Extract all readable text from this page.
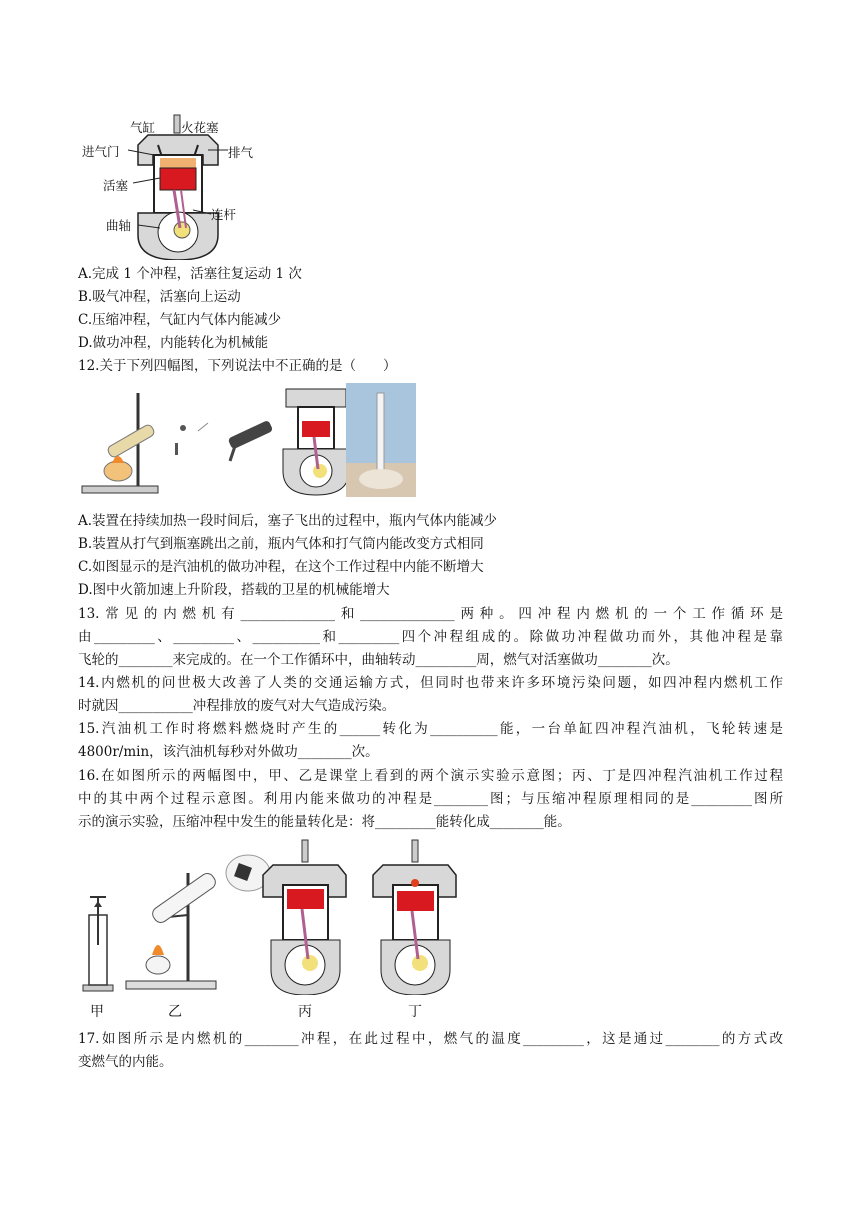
气缸 火花塞
进气门	排气
活塞
连杆
曲轴
A.完成 1 个冲程，活塞往复运动 1 次
B.吸气冲程，活塞向上运动
C.压缩冲程，气缸内气体内能减少
D.做功冲程，内能转化为机械能
12.关于下列四幅图，下列说法中不正确的是（　　）
A.装置在持续加热一段时间后，塞子飞出的过程中，瓶内气体内能减少
B.装置从打气到瓶塞跳出之前，瓶内气体和打气筒内能改变方式相同
C.如图显示的是汽油机的做功冲程，在这个工作过程中内能不断增大
D.图中火箭加速上升阶段，搭载的卫星的机械能增大
13.常见的内燃机有______________和______________两种。四冲程内燃机的一个工作循环是
由_________、_________、__________和_________四个冲程组成的。除做功冲程做功而外，其他冲程是靠
飞轮的________来完成的。在一个工作循环中，曲轴转动_________周，燃气对活塞做功________次。
14.内燃机的问世极大改善了人类的交通运输方式，但同时也带来许多环境污染问题，如四冲程内燃机工作
时就因___________冲程排放的废气对大气造成污染。
15.汽油机工作时将燃料燃烧时产生的______转化为__________能，一台单缸四冲程汽油机，飞轮转速是
4800r/min，该汽油机每秒对外做功________次。
16.在如图所示的两幅图中，甲、乙是课堂上看到的两个演示实验示意图；丙、丁是四冲程汽油机工作过程
中的其中两个过程示意图。利用内能来做功的冲程是________图；与压缩冲程原理相同的是_________图所
示的演示实验，压缩冲程中发生的能量转化是：将_________能转化成________能。
甲	乙	丙	丁
17.如图所示是内燃机的________冲程，在此过程中，燃气的温度_________，这是通过________的方式改
变燃气的内能。
